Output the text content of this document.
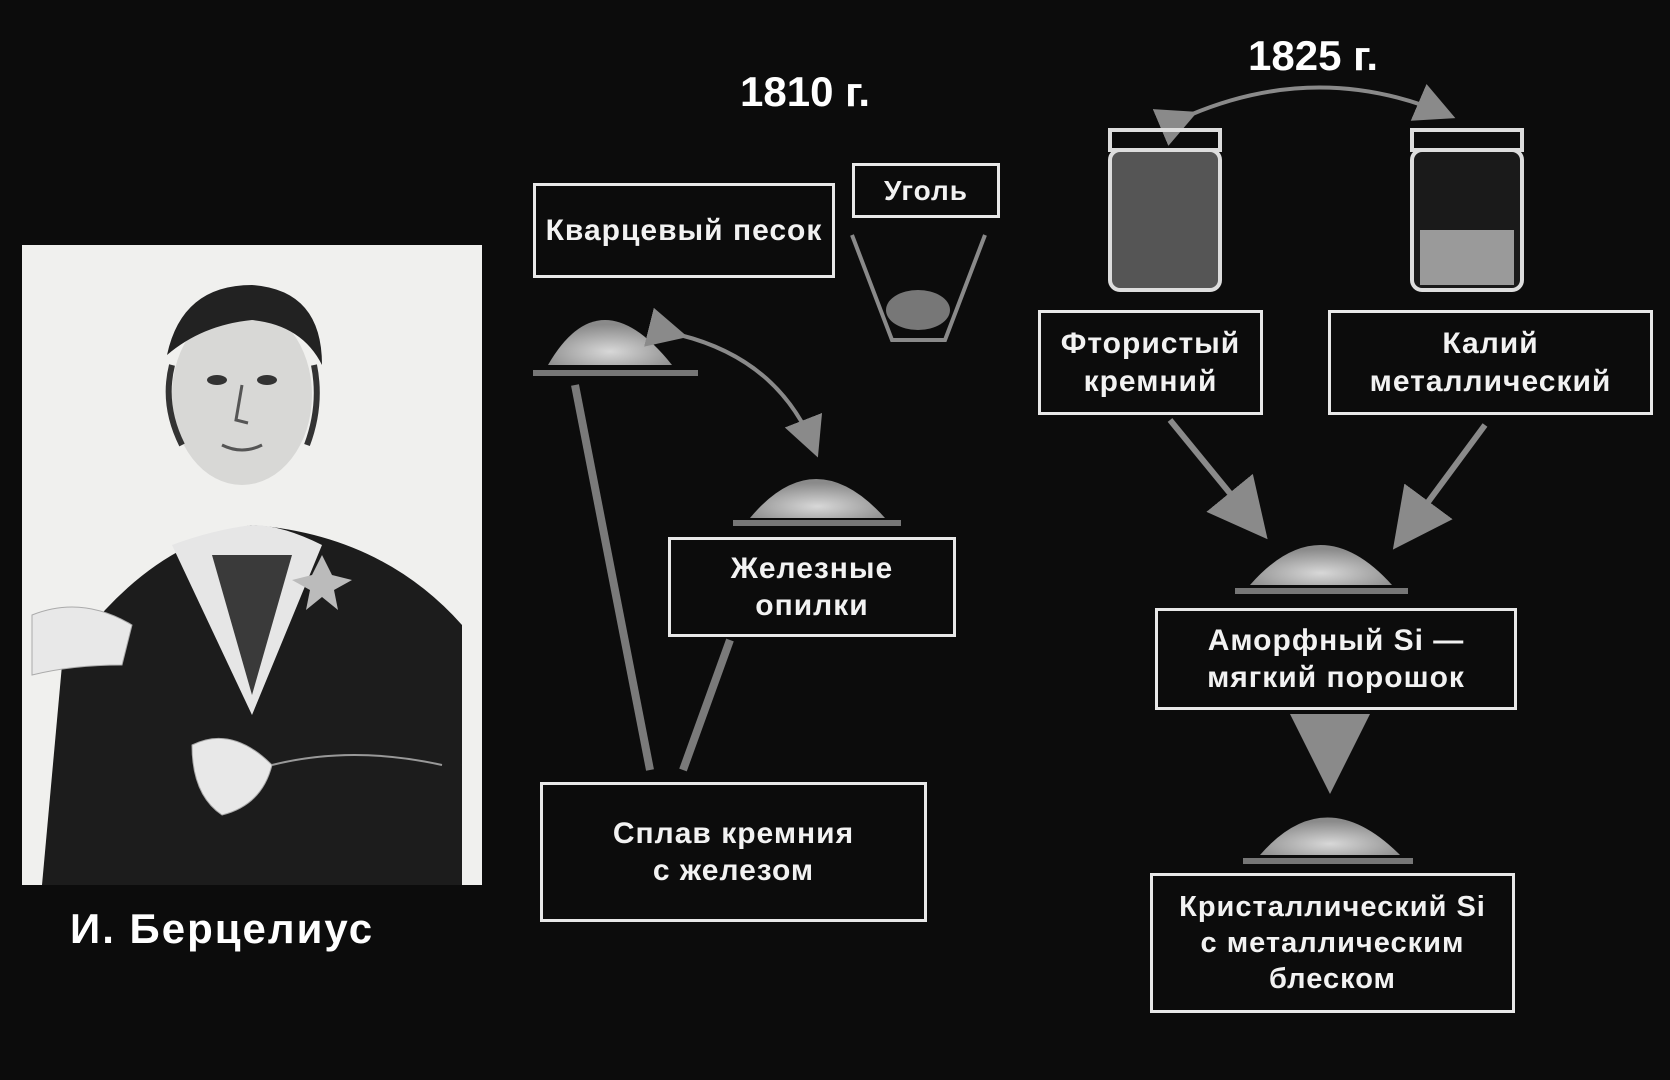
И. Берцелиус
1810 г.
1825 г.
Кварцевый песок
Уголь
Железные
опилки
Сплав кремния
с железом
Фтористый
кремний
Калий
металлический
Аморфный Si —
мягкий порошок
Кристаллический Si
с металлическим
блеском
